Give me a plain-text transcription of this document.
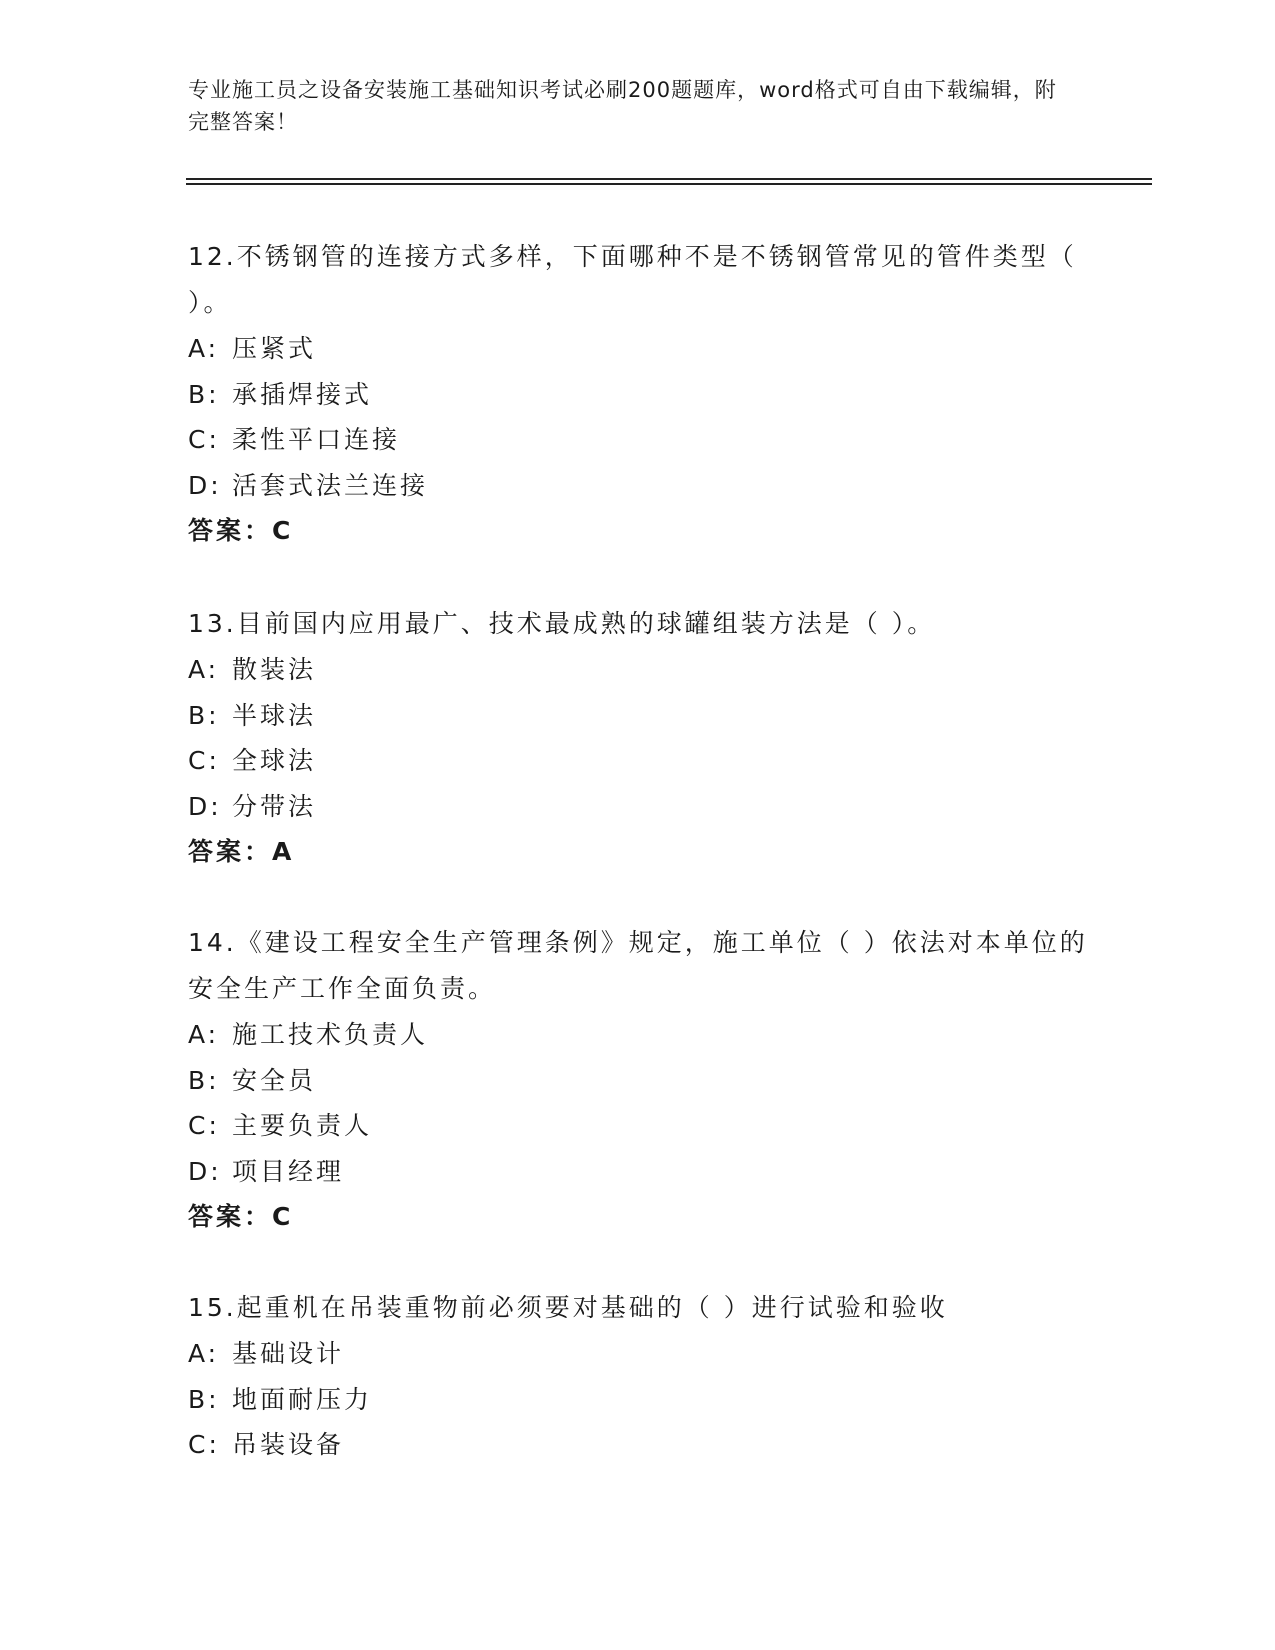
专业施工员之设备安装施工基础知识考试必刷200题题库，word格式可自由下载编辑，附完整答案！
12.不锈钢管的连接方式多样，下面哪种不是不锈钢管常见的管件类型（ ）。
A: 压紧式
B: 承插焊接式
C: 柔性平口连接
D: 活套式法兰连接
答案：C
13.目前国内应用最广、技术最成熟的球罐组装方法是（ ）。
A: 散装法
B: 半球法
C: 全球法
D: 分带法
答案：A
14.《建设工程安全生产管理条例》规定，施工单位（ ）依法对本单位的安全生产工作全面负责。
A: 施工技术负责人
B: 安全员
C: 主要负责人
D: 项目经理
答案：C
15.起重机在吊装重物前必须要对基础的（ ）进行试验和验收
A: 基础设计
B: 地面耐压力
C: 吊装设备
